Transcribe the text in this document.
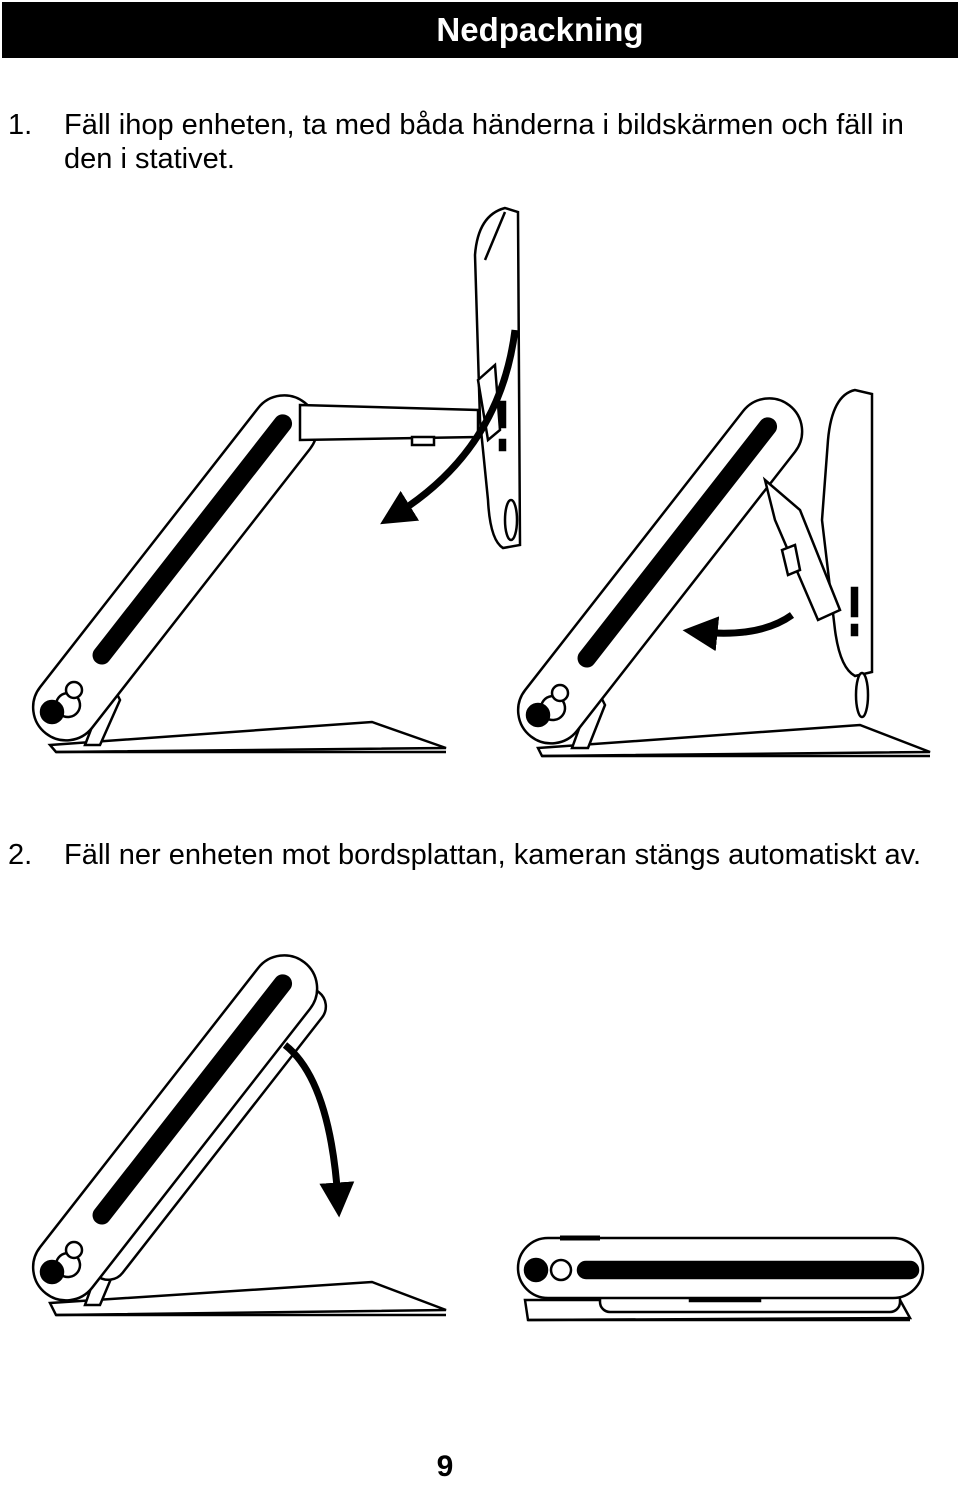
Nedpackning
1. Fäll ihop enheten, ta med båda händerna i bildskärmen och fäll in den i stativet.
2. Fäll ner enheten mot bordsplattan, kameran stängs automatiskt av.
9
